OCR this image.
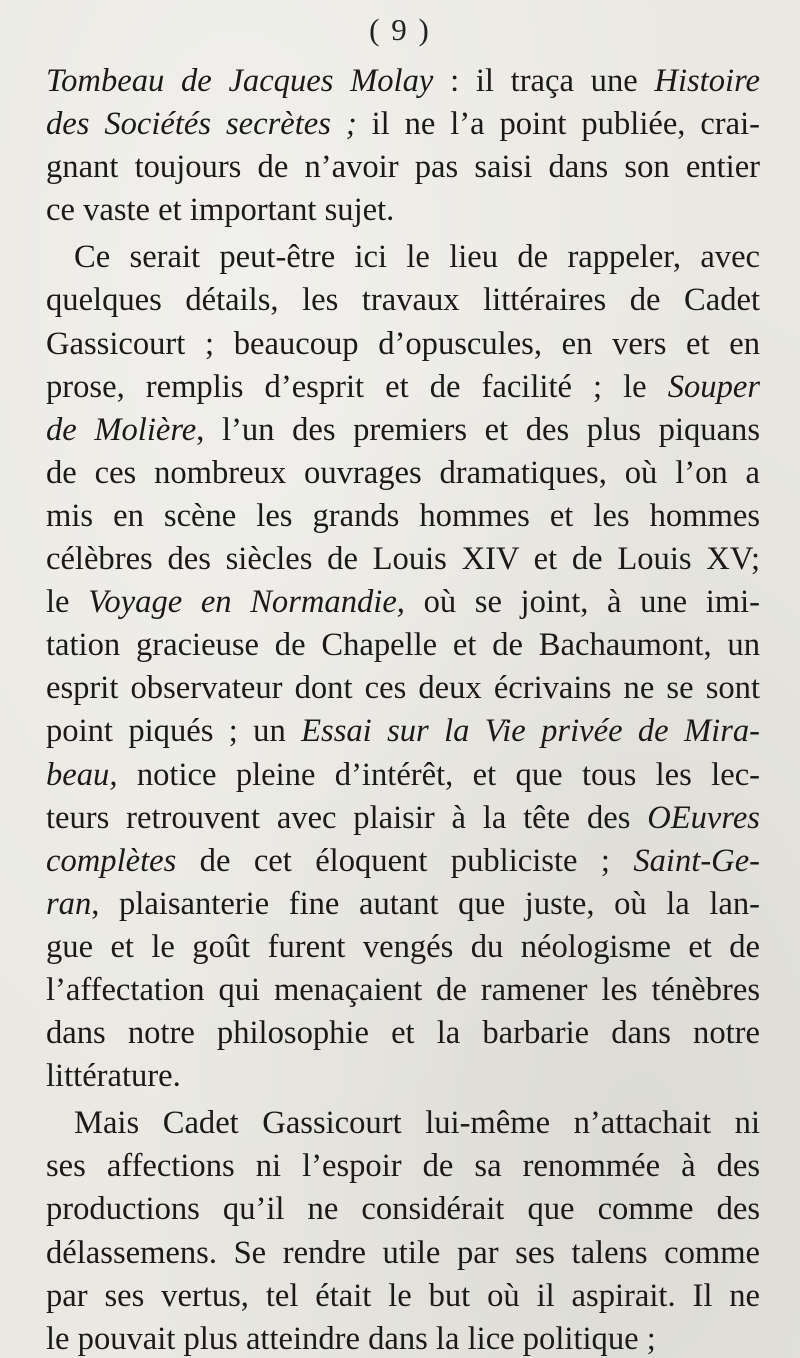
( 9 )
Tombeau de Jacques Molay : il traça une Histoire
des Sociétés secrètes ; il ne l’a point publiée, crai-
gnant toujours de n’avoir pas saisi dans son entier
ce vaste et important sujet.
Ce serait peut-être ici le lieu de rappeler, avec
quelques détails, les travaux littéraires de Cadet
Gassicourt ; beaucoup d’opuscules, en vers et en
prose, remplis d’esprit et de facilité ; le Souper
de Molière, l’un des premiers et des plus piquans
de ces nombreux ouvrages dramatiques, où l’on a
mis en scène les grands hommes et les hommes
célèbres des siècles de Louis XIV et de Louis XV;
le Voyage en Normandie, où se joint, à une imi-
tation gracieuse de Chapelle et de Bachaumont, un
esprit observateur dont ces deux écrivains ne se sont
point piqués ; un Essai sur la Vie privée de Mira-
beau, notice pleine d’intérêt, et que tous les lec-
teurs retrouvent avec plaisir à la tête des OEuvres
complètes de cet éloquent publiciste ; Saint-Ge-
ran, plaisanterie fine autant que juste, où la lan-
gue et le goût furent vengés du néologisme et de
l’affectation qui menaçaient de ramener les ténèbres
dans notre philosophie et la barbarie dans notre
littérature.
Mais Cadet Gassicourt lui-même n’attachait ni
ses affections ni l’espoir de sa renommée à des
productions qu’il ne considérait que comme des
délassemens. Se rendre utile par ses talens comme
par ses vertus, tel était le but où il aspirait. Il ne
le pouvait plus atteindre dans la lice politique ;
